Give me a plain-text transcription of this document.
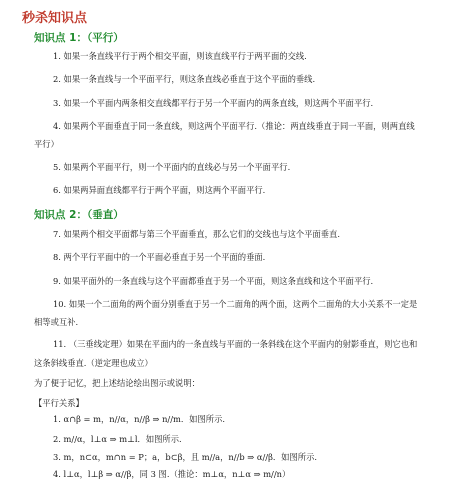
秒杀知识点
知识点 1：（平行）
1. 如果一条直线平行于两个相交平面，则该直线平行于两平面的交线.
2. 如果一条直线与一个平面平行，则这条直线必垂直于这个平面的垂线.
3. 如果一个平面内两条相交直线都平行于另一个平面内的两条直线，则这两个平面平行.
4. 如果两个平面垂直于同一条直线，则这两个平面平行.（推论：两直线垂直于同一平面，则两直线
平行）
5. 如果两个平面平行，则一个平面内的直线必与另一个平面平行.
6. 如果两异面直线都平行于两个平面，则这两个平面平行.
知识点 2：（垂直）
7. 如果两个相交平面都与第三个平面垂直，那么它们的交线也与这个平面垂直.
8. 两个平行平面中的一个平面必垂直于另一个平面的垂面.
9. 如果平面外的一条直线与这个平面都垂直于另一个平面，则这条直线和这个平面平行.
10. 如果一个二面角的两个面分别垂直于另一个二面角的两个面，这两个二面角的大小关系不一定是
相等或互补.
11. （三垂线定理）如果在平面内的一条直线与平面的一条斜线在这个平面内的射影垂直，则它也和
这条斜线垂直.（逆定理也成立）
为了便于记忆，把上述结论绘出图示或说明：
【平行关系】
1. α∩β = m，n//α，n//β ⇒ n//m．如图所示.
2. m//α，l⊥α ⇒ m⊥l．如图所示.
3. m，n⊂α，m∩n = P；a，b⊂β，且 m//a，n//b ⇒ α//β．如图所示.
4. l⊥α，l⊥β ⇒ α//β，同 3 图.（推论：m⊥α，n⊥α ⇒ m//n）
